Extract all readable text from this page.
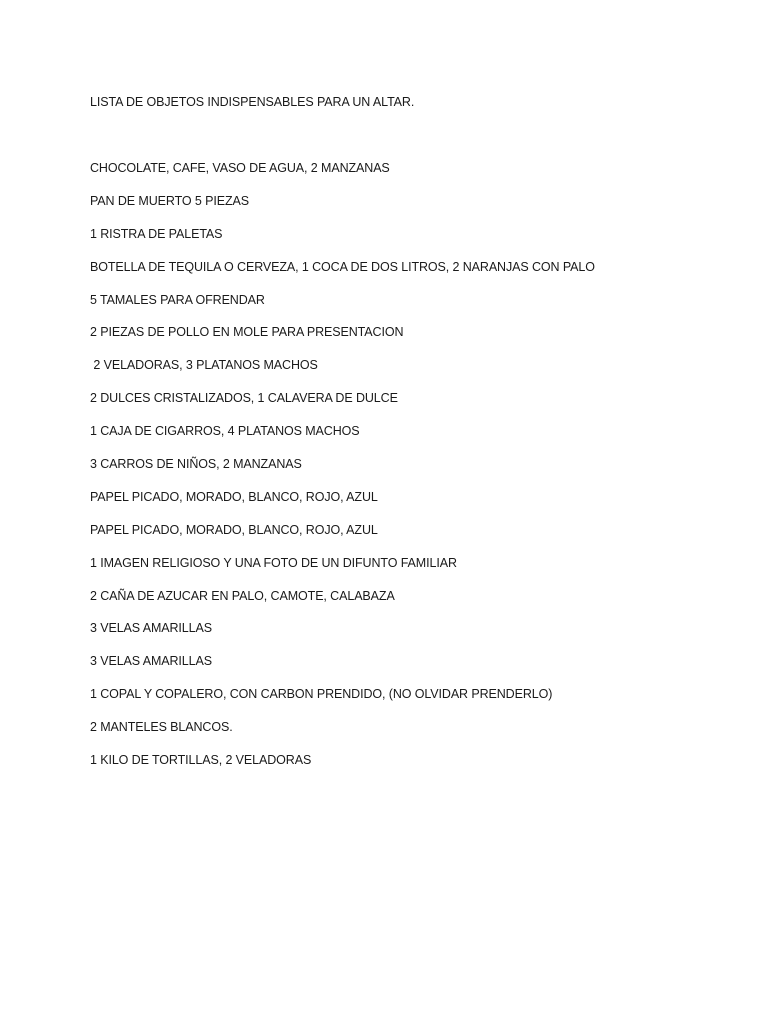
LISTA DE OBJETOS INDISPENSABLES PARA UN ALTAR.
CHOCOLATE, CAFE, VASO DE AGUA, 2 MANZANAS
PAN DE MUERTO 5 PIEZAS
1 RISTRA DE PALETAS
BOTELLA DE TEQUILA O CERVEZA, 1 COCA DE DOS LITROS, 2 NARANJAS CON PALO
5 TAMALES PARA OFRENDAR
2 PIEZAS DE POLLO EN MOLE PARA PRESENTACION
2 VELADORAS, 3 PLATANOS MACHOS
2 DULCES CRISTALIZADOS, 1 CALAVERA DE DULCE
1 CAJA DE CIGARROS, 4 PLATANOS MACHOS
3 CARROS DE NIÑOS, 2 MANZANAS
PAPEL PICADO, MORADO, BLANCO, ROJO, AZUL
PAPEL PICADO, MORADO, BLANCO, ROJO, AZUL
1 IMAGEN RELIGIOSO Y UNA FOTO DE UN DIFUNTO FAMILIAR
2 CAÑA DE AZUCAR EN PALO, CAMOTE, CALABAZA
3 VELAS AMARILLAS
3 VELAS AMARILLAS
1 COPAL Y COPALERO, CON CARBON PRENDIDO, (NO OLVIDAR PRENDERLO)
2 MANTELES BLANCOS.
1 KILO DE TORTILLAS, 2 VELADORAS
